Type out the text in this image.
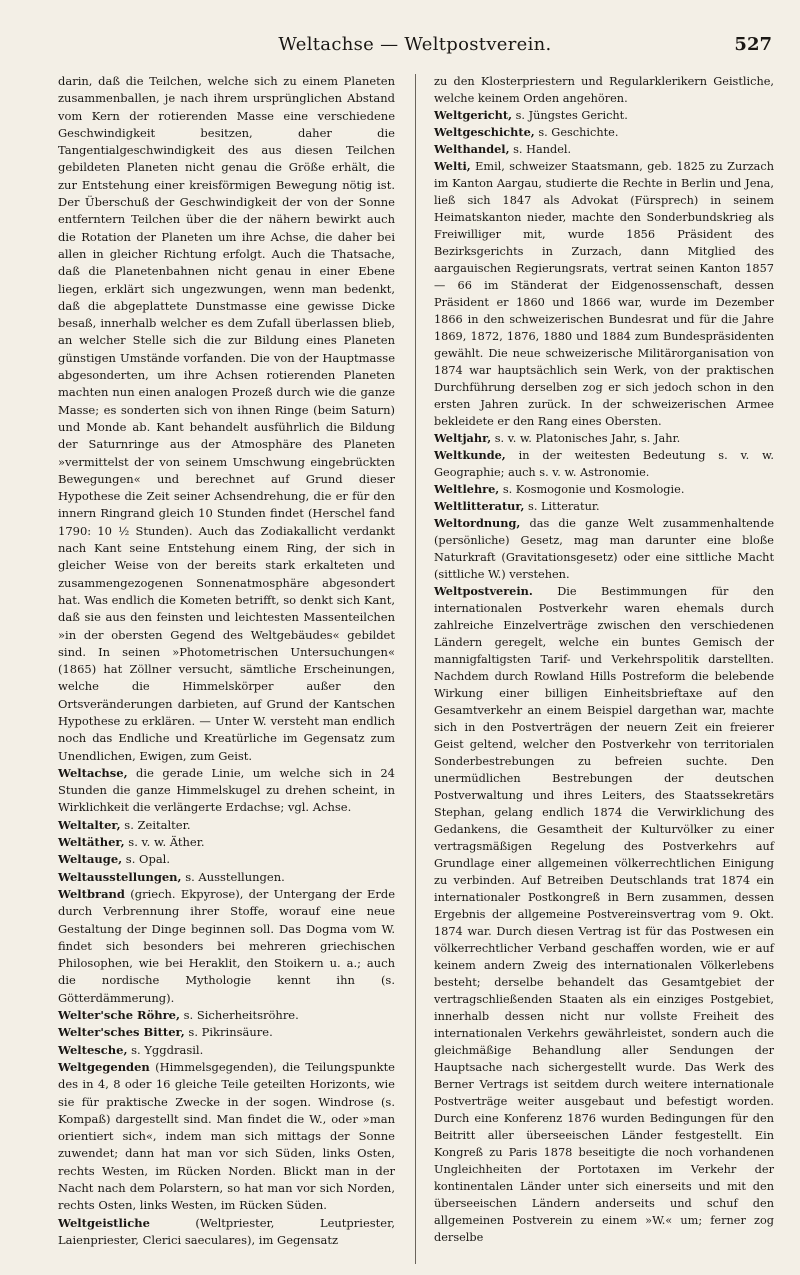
Weltachse — Weltpostverein.	527

darin, daß die Teilchen, welche sich zu einem Planeten zusammenballen, je nach ihrem ursprünglichen Abstand vom Kern der rotierenden Masse eine verschiedene Geschwindigkeit besitzen, daher die Tangentialgeschwindigkeit des aus diesen Teilchen gebildeten Planeten nicht genau die Größe erhält, die zur Entstehung einer kreisförmigen Bewegung nötig ist. Der Überschuß der Geschwindigkeit der von der Sonne entferntern Teilchen über die der nähern bewirkt auch die Rotation der Planeten um ihre Achse, die daher bei allen in gleicher Richtung erfolgt. Auch die Thatsache, daß die Planetenbahnen nicht genau in einer Ebene liegen, erklärt sich ungezwungen, wenn man bedenkt, daß die abgeplattete Dunstmasse eine gewisse Dicke besaß, innerhalb welcher es dem Zufall überlassen blieb, an welcher Stelle sich die zur Bildung eines Planeten günstigen Umstände vorfanden. Die von der Hauptmasse abgesonderten, um ihre Achsen rotierenden Planeten machten nun einen analogen Prozeß durch wie die ganze Masse; es sonderten sich von ihnen Ringe (beim Saturn) und Monde ab. Kant behandelt ausführlich die Bildung der Saturnringe aus der Atmosphäre des Planeten »vermittelst der von seinem Umschwung eingebrückten Bewegungen« und berechnet auf Grund dieser Hypothese die Zeit seiner Achsendrehung, die er für den innern Ringrand gleich 10 Stunden findet (Herschel fand 1790: 10 ½ Stunden). Auch das Zodiakallicht verdankt nach Kant seine Entstehung einem Ring, der sich in gleicher Weise von der bereits stark erkalteten und zusammengezogenen Sonnenatmosphäre abgesondert hat. Was endlich die Kometen betrifft, so denkt sich Kant, daß sie aus den feinsten und leichtesten Massenteilchen »in der obersten Gegend des Weltgebäudes« gebildet sind. In seinen »Photometrischen Untersuchungen« (1865) hat Zöllner versucht, sämtliche Erscheinungen, welche die Himmelskörper außer den Ortsveränderungen darbieten, auf Grund der Kantschen Hypothese zu erklären. — Unter W. versteht man endlich noch das Endliche und Kreatürliche im Gegensatz zum Unendlichen, Ewigen, zum Geist.

Weltachse, die gerade Linie, um welche sich in 24 Stunden die ganze Himmelskugel zu drehen scheint, in Wirklichkeit die verlängerte Erdachse; vgl. Achse.

Weltalter, s. Zeitalter.

Weltäther, s. v. w. Äther.

Weltauge, s. Opal.

Weltausstellungen, s. Ausstellungen.

Weltbrand (griech. Ekpyrose), der Untergang der Erde durch Verbrennung ihrer Stoffe, worauf eine neue Gestaltung der Dinge beginnen soll. Das Dogma vom W. findet sich besonders bei mehreren griechischen Philosophen, wie bei Heraklit, den Stoikern u. a.; auch die nordische Mythologie kennt ihn (s. Götterdämmerung).

Welter'sche Röhre, s. Sicherheitsröhre.

Welter'sches Bitter, s. Pikrinsäure.

Weltesche, s. Yggdrasil.

Weltgegenden (Himmelsgegenden), die Teilungspunkte des in 4, 8 oder 16 gleiche Teile geteilten Horizonts, wie sie für praktische Zwecke in der sogen. Windrose (s. Kompaß) dargestellt sind. Man findet die W., oder »man orientiert sich«, indem man sich mittags der Sonne zuwendet; dann hat man vor sich Süden, links Osten, rechts Westen, im Rücken Norden. Blickt man in der Nacht nach dem Polarstern, so hat man vor sich Norden, rechts Osten, links Westen, im Rücken Süden.

Weltgeistliche (Weltpriester, Leutpriester, Laienpriester, Clerici saeculares), im Gegensatz

zu den Klosterpriestern und Regularklerikern Geistliche, welche keinem Orden angehören.

Weltgericht, s. Jüngstes Gericht.

Weltgeschichte, s. Geschichte.

Welthandel, s. Handel.

Welti, Emil, schweizer Staatsmann, geb. 1825 zu Zurzach im Kanton Aargau, studierte die Rechte in Berlin und Jena, ließ sich 1847 als Advokat (Fürsprech) in seinem Heimatskanton nieder, machte den Sonderbundskrieg als Freiwilliger mit, wurde 1856 Präsident des Bezirksgerichts in Zurzach, dann Mitglied des aargauischen Regierungsrats, vertrat seinen Kanton 1857 — 66 im Ständerat der Eidgenossenschaft, dessen Präsident er 1860 und 1866 war, wurde im Dezember 1866 in den schweizerischen Bundesrat und für die Jahre 1869, 1872, 1876, 1880 und 1884 zum Bundespräsidenten gewählt. Die neue schweizerische Militärorganisation von 1874 war hauptsächlich sein Werk, von der praktischen Durchführung derselben zog er sich jedoch schon in den ersten Jahren zurück. In der schweizerischen Armee bekleidete er den Rang eines Obersten.

Weltjahr, s. v. w. Platonisches Jahr, s. Jahr.

Weltkunde, in der weitesten Bedeutung s. v. w. Geographie; auch s. v. w. Astronomie.

Weltlehre, s. Kosmogonie und Kosmologie.

Weltlitteratur, s. Litteratur.

Weltordnung, das die ganze Welt zusammenhaltende (persönliche) Gesetz, mag man darunter eine bloße Naturkraft (Gravitationsgesetz) oder eine sittliche Macht (sittliche W.) verstehen.

Weltpostverein. Die Bestimmungen für den internationalen Postverkehr waren ehemals durch zahlreiche Einzelverträge zwischen den verschiedenen Ländern geregelt, welche ein buntes Gemisch der mannigfaltigsten Tarif- und Verkehrspolitik darstellten. Nachdem durch Rowland Hills Postreform die belebende Wirkung einer billigen Einheitsbrieftaxe auf den Gesamtverkehr an einem Beispiel dargethan war, machte sich in den Postverträgen der neuern Zeit ein freierer Geist geltend, welcher den Postverkehr von territorialen Sonderbestrebungen zu befreien suchte. Den unermüdlichen Bestrebungen der deutschen Postverwaltung und ihres Leiters, des Staatssekretärs Stephan, gelang endlich 1874 die Verwirklichung des Gedankens, die Gesamtheit der Kulturvölker zu einer vertragsmäßigen Regelung des Postverkehrs auf Grundlage einer allgemeinen völkerrechtlichen Einigung zu verbinden. Auf Betreiben Deutschlands trat 1874 ein internationaler Postkongreß in Bern zusammen, dessen Ergebnis der allgemeine Postvereinsvertrag vom 9. Okt. 1874 war. Durch diesen Vertrag ist für das Postwesen ein völkerrechtlicher Verband geschaffen worden, wie er auf keinem andern Zweig des internationalen Völkerlebens besteht; derselbe behandelt das Gesamtgebiet der vertragschließenden Staaten als ein einziges Postgebiet, innerhalb dessen nicht nur vollste Freiheit des internationalen Verkehrs gewährleistet, sondern auch die gleichmäßige Behandlung aller Sendungen der Hauptsache nach sichergestellt wurde. Das Werk des Berner Vertrags ist seitdem durch weitere internationale Postverträge weiter ausgebaut und befestigt worden. Durch eine Konferenz 1876 wurden Bedingungen für den Beitritt aller überseeischen Länder festgestellt. Ein Kongreß zu Paris 1878 beseitigte die noch vorhandenen Ungleichheiten der Portotaxen im Verkehr der kontinentalen Länder unter sich einerseits und mit den überseeischen Ländern anderseits und schuf den allgemeinen Postverein zu einem »W.« um; ferner zog derselbe
